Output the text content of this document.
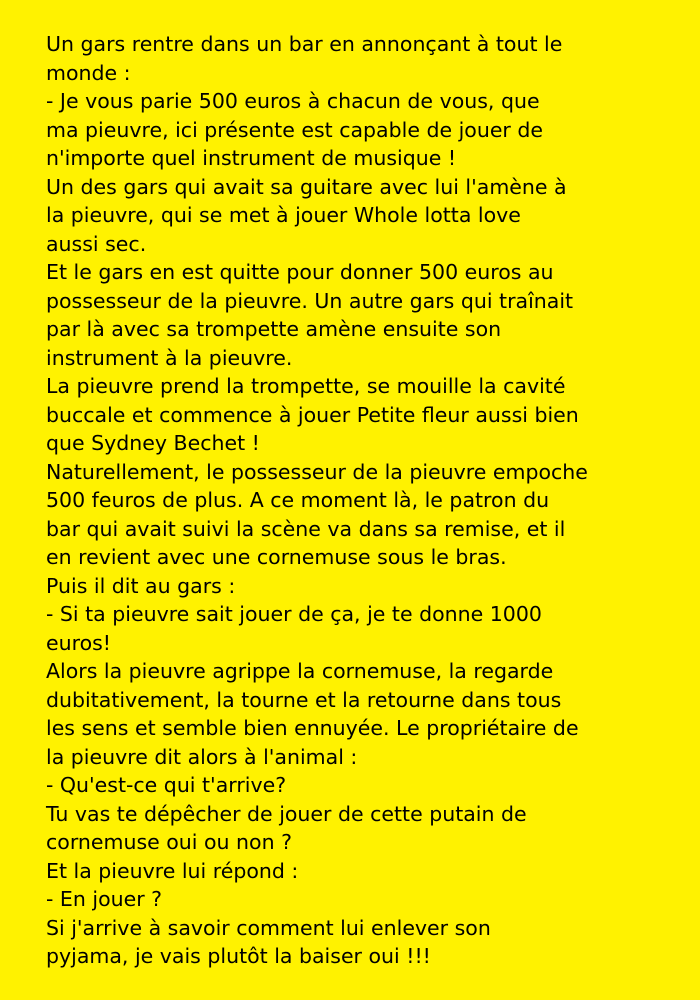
Un gars rentre dans un bar en annonçant à tout le
monde :
- Je vous parie 500 euros à chacun de vous, que
ma pieuvre, ici présente est capable de jouer de
n'importe quel instrument de musique !
Un des gars qui avait sa guitare avec lui l'amène à
la pieuvre, qui se met à jouer Whole lotta love
aussi sec.
Et le gars en est quitte pour donner 500 euros au
possesseur de la pieuvre. Un autre gars qui traînait
par là avec sa trompette amène ensuite son
instrument à la pieuvre.
La pieuvre prend la trompette, se mouille la cavité
buccale et commence à jouer Petite fleur aussi bien
que Sydney Bechet !
Naturellement, le possesseur de la pieuvre empoche
500 feuros de plus. A ce moment là, le patron du
bar qui avait suivi la scène va dans sa remise, et il
en revient avec une cornemuse sous le bras.
Puis il dit au gars :
- Si ta pieuvre sait jouer de ça, je te donne 1000
euros!
Alors la pieuvre agrippe la cornemuse, la regarde
dubitativement, la tourne et la retourne dans tous
les sens et semble bien ennuyée. Le propriétaire de
la pieuvre dit alors à l'animal :
- Qu'est-ce qui t'arrive?
Tu vas te dépêcher de jouer de cette putain de
cornemuse oui ou non ?
Et la pieuvre lui répond :
- En jouer ?
Si j'arrive à savoir comment lui enlever son
pyjama, je vais plutôt la baiser oui !!!
